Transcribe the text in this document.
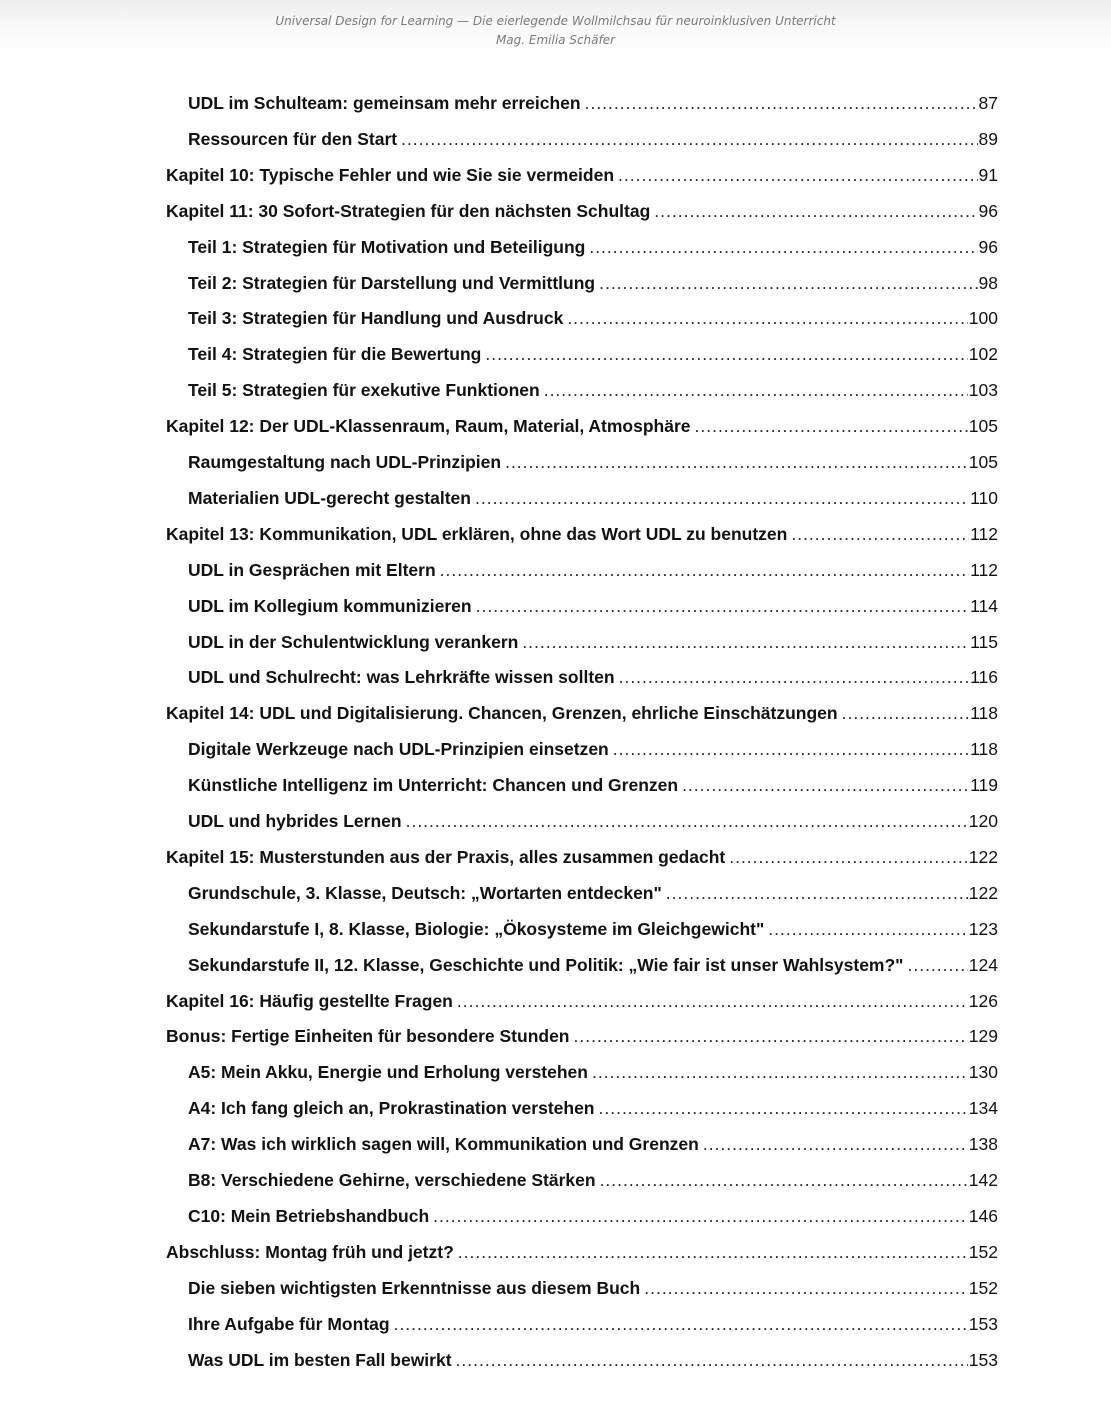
Universal Design for Learning — Die eierlegende Wollmilchsau für neuroinklusiven Unterricht
Mag. Emilia Schäfer
UDL im Schulteam: gemeinsam mehr erreichen .....	87
Ressourcen für den Start .....	89
Kapitel 10: Typische Fehler und wie Sie sie vermeiden .....	91
Kapitel 11: 30 Sofort-Strategien für den nächsten Schultag .....	96
Teil 1: Strategien für Motivation und Beteiligung .....	96
Teil 2: Strategien für Darstellung und Vermittlung .....	98
Teil 3: Strategien für Handlung und Ausdruck .....	100
Teil 4: Strategien für die Bewertung .....	102
Teil 5: Strategien für exekutive Funktionen .....	103
Kapitel 12: Der UDL-Klassenraum, Raum, Material, Atmosphäre .....	105
Raumgestaltung nach UDL-Prinzipien .....	105
Materialien UDL-gerecht gestalten .....	110
Kapitel 13: Kommunikation, UDL erklären, ohne das Wort UDL zu benutzen .....	112
UDL in Gesprächen mit Eltern .....	112
UDL im Kollegium kommunizieren .....	114
UDL in der Schulentwicklung verankern .....	115
UDL und Schulrecht: was Lehrkräfte wissen sollten .....	116
Kapitel 14: UDL und Digitalisierung. Chancen, Grenzen, ehrliche Einschätzungen .....	118
Digitale Werkzeuge nach UDL-Prinzipien einsetzen .....	118
Künstliche Intelligenz im Unterricht: Chancen und Grenzen .....	119
UDL und hybrides Lernen .....	120
Kapitel 15: Musterstunden aus der Praxis, alles zusammen gedacht .....	122
Grundschule, 3. Klasse, Deutsch: „Wortarten entdecken" .....	122
Sekundarstufe I, 8. Klasse, Biologie: „Ökosysteme im Gleichgewicht" .....	123
Sekundarstufe II, 12. Klasse, Geschichte und Politik: „Wie fair ist unser Wahlsystem?" .....	124
Kapitel 16: Häufig gestellte Fragen .....	126
Bonus: Fertige Einheiten für besondere Stunden .....	129
A5: Mein Akku, Energie und Erholung verstehen .....	130
A4: Ich fang gleich an, Prokrastination verstehen .....	134
A7: Was ich wirklich sagen will, Kommunikation und Grenzen .....	138
B8: Verschiedene Gehirne, verschiedene Stärken .....	142
C10: Mein Betriebshandbuch .....	146
Abschluss: Montag früh und jetzt? .....	152
Die sieben wichtigsten Erkenntnisse aus diesem Buch .....	152
Ihre Aufgabe für Montag .....	153
Was UDL im besten Fall bewirkt .....	153
